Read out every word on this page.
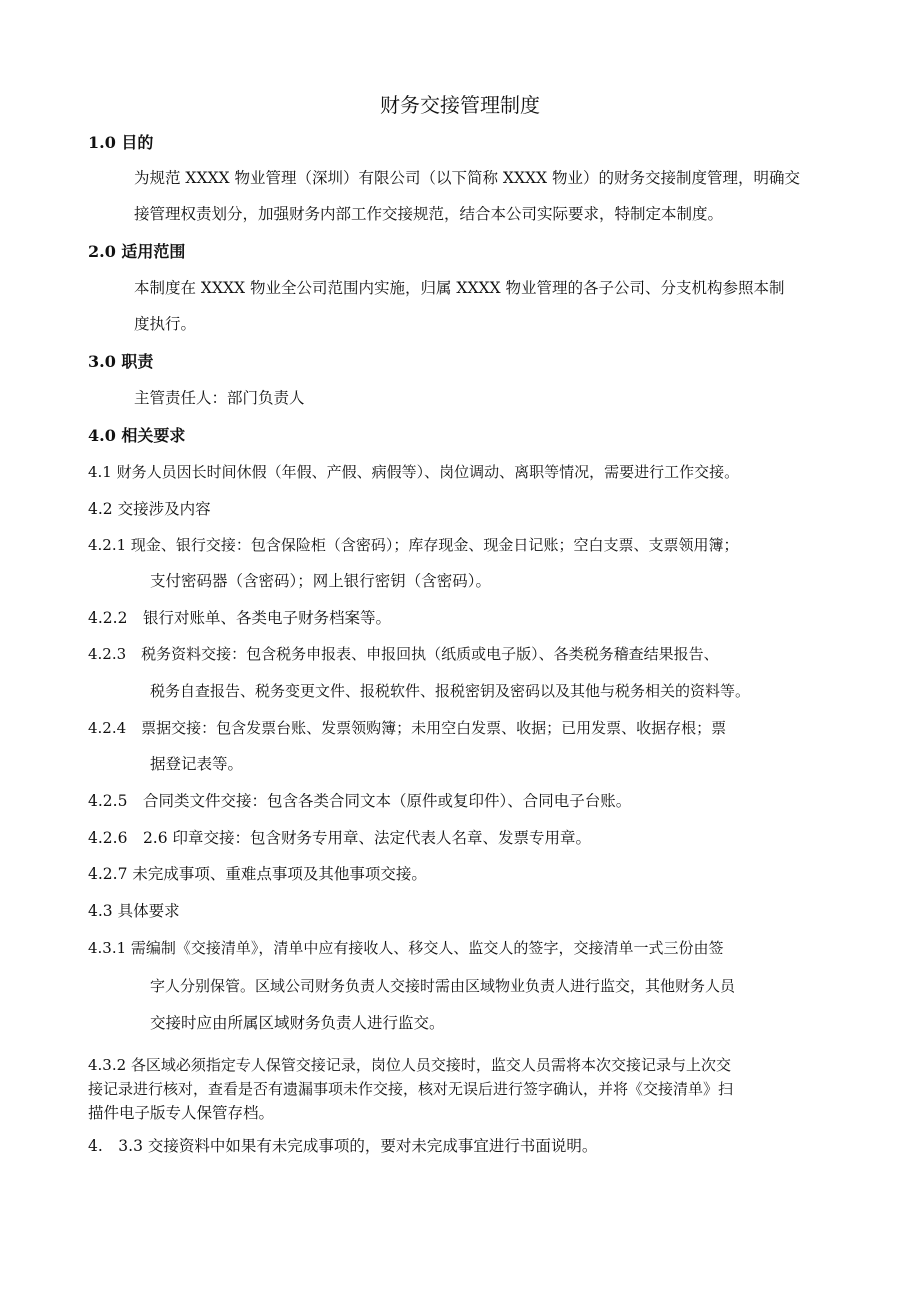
财务交接管理制度
1.0 目的
为规范 XXXX 物业管理（深圳）有限公司（以下简称 XXXX 物业）的财务交接制度管理，明确交
接管理权责划分，加强财务内部工作交接规范，结合本公司实际要求，特制定本制度。
2.0 适用范围
本制度在 XXXX 物业全公司范围内实施，归属 XXXX 物业管理的各子公司、分支机构参照本制
度执行。
3.0 职责
主管责任人：部门负责人
4.0 相关要求
4.1 财务人员因长时间休假（年假、产假、病假等）、岗位调动、离职等情况，需要进行工作交接。
4.2 交接涉及内容
4.2.1 现金、银行交接：包含保险柜（含密码）；库存现金、现金日记账；空白支票、支票领用簿；
支付密码器（含密码）；网上银行密钥（含密码）。
4.2.2　银行对账单、各类电子财务档案等。
4.2.3　税务资料交接：包含税务申报表、申报回执（纸质或电子版）、各类税务稽查结果报告、
税务自查报告、税务变更文件、报税软件、报税密钥及密码以及其他与税务相关的资料等。
4.2.4　票据交接：包含发票台账、发票领购簿；未用空白发票、收据；已用发票、收据存根；票
据登记表等。
4.2.5　合同类文件交接：包含各类合同文本（原件或复印件）、合同电子台账。
4.2.6　2.6 印章交接：包含财务专用章、法定代表人名章、发票专用章。
4.2.7 未完成事项、重难点事项及其他事项交接。
4.3 具体要求
4.3.1 需编制《交接清单》，清单中应有接收人、移交人、监交人的签字，交接清单一式三份由签
字人分别保管。区域公司财务负责人交接时需由区域物业负责人进行监交，其他财务人员
交接时应由所属区域财务负责人进行监交。
4.3.2 各区域必须指定专人保管交接记录，岗位人员交接时，监交人员需将本次交接记录与上次交
接记录进行核对，查看是否有遗漏事项未作交接，核对无误后进行签字确认，并将《交接清单》扫
描件电子版专人保管存档。
4.　3.3 交接资料中如果有未完成事项的，要对未完成事宜进行书面说明。
